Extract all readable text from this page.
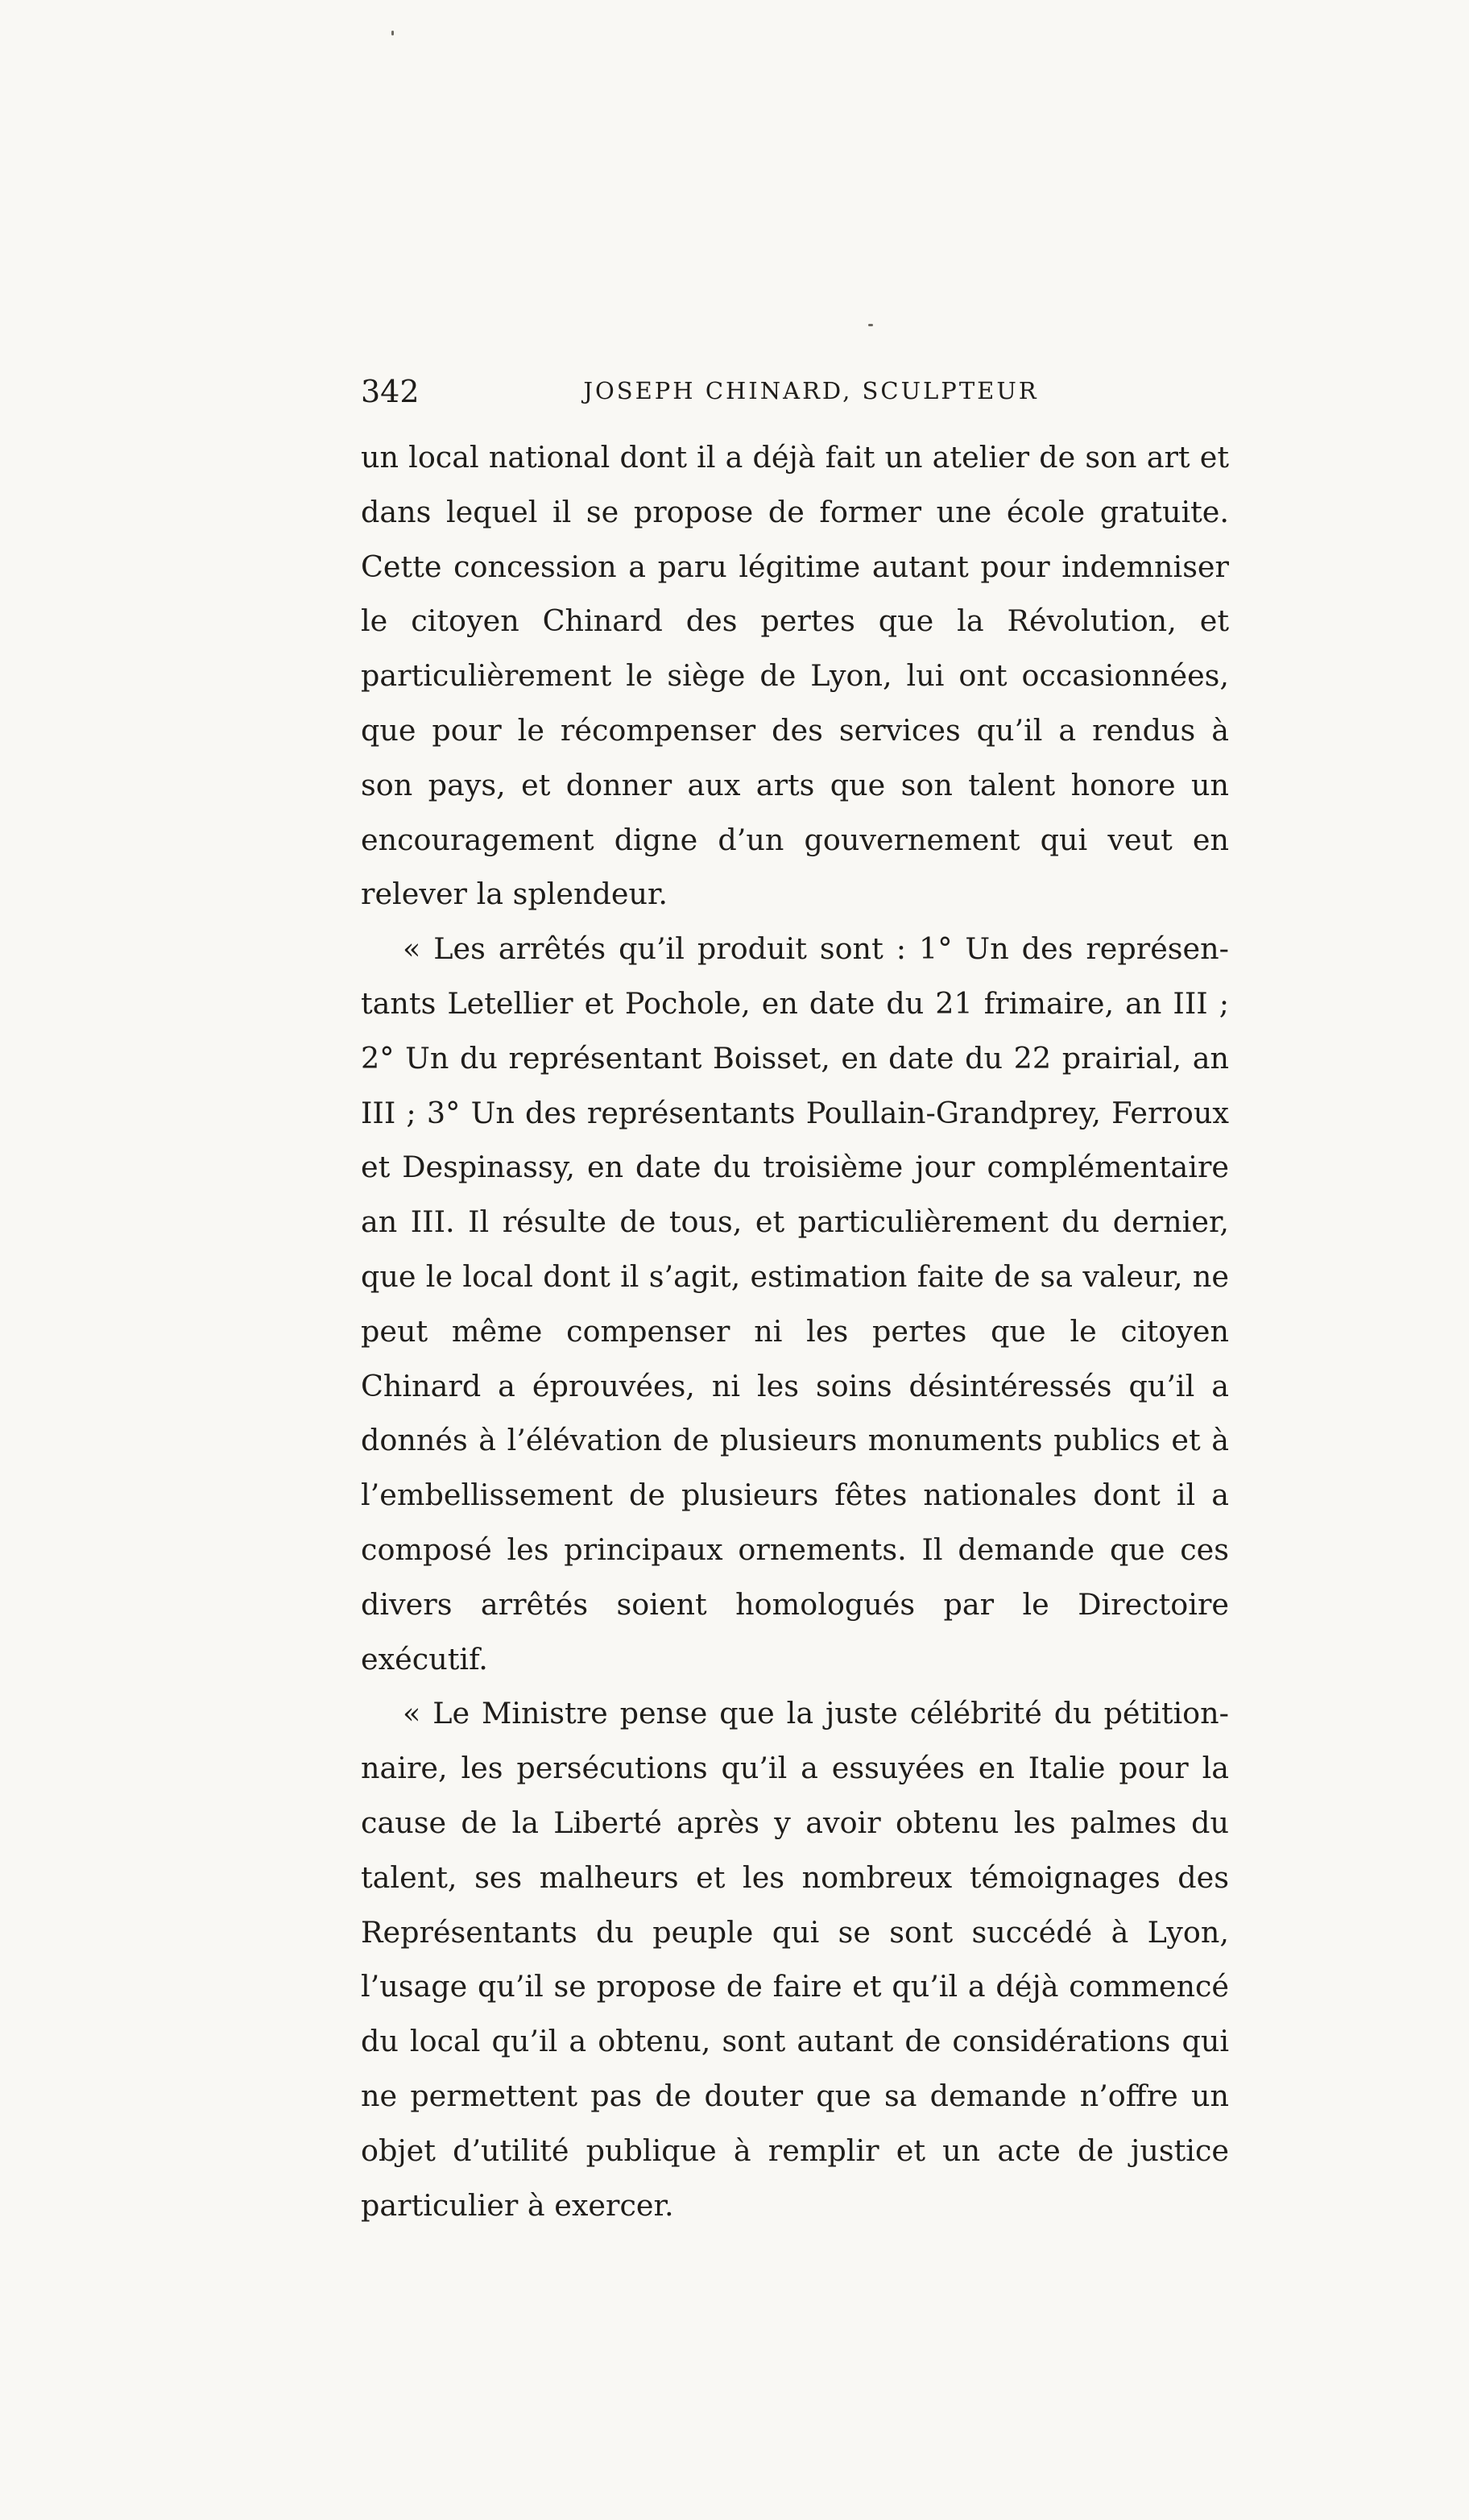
342	JOSEPH CHINARD, SCULPTEUR

un local national dont il a déjà fait un atelier de son art et dans lequel il se propose de former une école gratuite. Cette concession a paru légitime autant pour indemniser le citoyen Chinard des pertes que la Révolution, et particulièrement le siège de Lyon, lui ont occasionnées, que pour le récompenser des services qu’il a rendus à son pays, et donner aux arts que son talent honore un encouragement digne d’un gouvernement qui veut en relever la splendeur.

« Les arrêtés qu’il produit sont : 1° Un des représentants Letellier et Pochole, en date du 21 frimaire, an III ; 2° Un du représentant Boisset, en date du 22 prairial, an III ; 3° Un des représentants Poullain-Grandprey, Ferroux et Despinassy, en date du troisième jour complémentaire an III. Il résulte de tous, et particulièrement du dernier, que le local dont il s’agit, estimation faite de sa valeur, ne peut même compenser ni les pertes que le citoyen Chinard a éprouvées, ni les soins désintéressés qu’il a donnés à l’élévation de plusieurs monuments publics et à l’embellissement de plusieurs fêtes nationales dont il a composé les principaux ornements. Il demande que ces divers arrêtés soient homologués par le Directoire exécutif.

« Le Ministre pense que la juste célébrité du pétitionnaire, les persécutions qu’il a essuyées en Italie pour la cause de la Liberté après y avoir obtenu les palmes du talent, ses malheurs et les nombreux témoignages des Représentants du peuple qui se sont succédé à Lyon, l’usage qu’il se propose de faire et qu’il a déjà commencé du local qu’il a obtenu, sont autant de considérations qui ne permettent pas de douter que sa demande n’offre un objet d’utilité publique à remplir et un acte de justice particulier à exercer.
